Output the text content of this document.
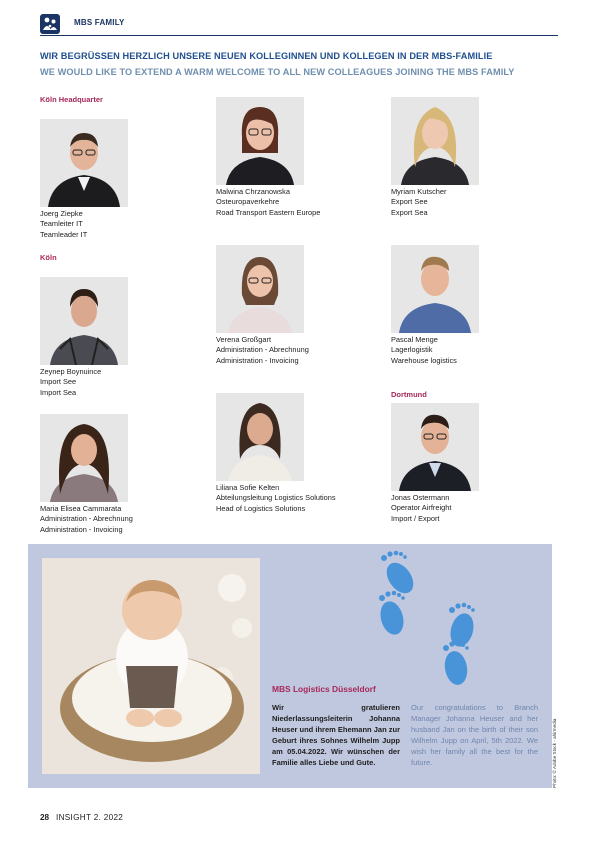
MBS FAMILY
WIR BEGRÜSSEN HERZLICH UNSERE NEUEN KOLLEGINNEN UND KOLLEGEN IN DER MBS-FAMILIE
WE WOULD LIKE TO EXTEND A WARM WELCOME TO ALL NEW COLLEAGUES JOINING THE MBS FAMILY
Köln Headquarter
Köln
Dortmund
Joerg Ziepke
Teamleiter IT
Teamleader IT
Malwina Chrzanowska
Osteuropaverkehre
Road Transport Eastern Europe
Myriam Kutscher
Export See
Export Sea
Zeynep Boynuince
Import See
Import Sea
Verena Großgart
Administration - Abrechnung
Administration - Invoicing
Pascal Menge
Lagerlogistik
Warehouse logistics
Maria Elisea Cammarata
Administration - Abrechnung
Administration - Invoicing
Liliana Sofie Kelten
Abteilungsleitung Logistics Solutions
Head of Logistics Solutions
Jonas Ostermann
Operator Airfreight
Import / Export
MBS Logistics Düsseldorf
Wir gratulieren Niederlassungsleiterin Johanna Heuser und ihrem Ehemann Jan zur Geburt ihres Sohnes Wilhelm Jupp am 05.04.2022. Wir wünschen der Familie alles Liebe und Gute.
Our congratulations to Branch Manager Johanna Heuser and her husband Jan on the birth of their son Wilhelm Jupp on April, 5th 2022. We wish her family all the best for the future.	Photo: © Adobe Stock - ahirmedia
28 INSIGHT 2. 2022
